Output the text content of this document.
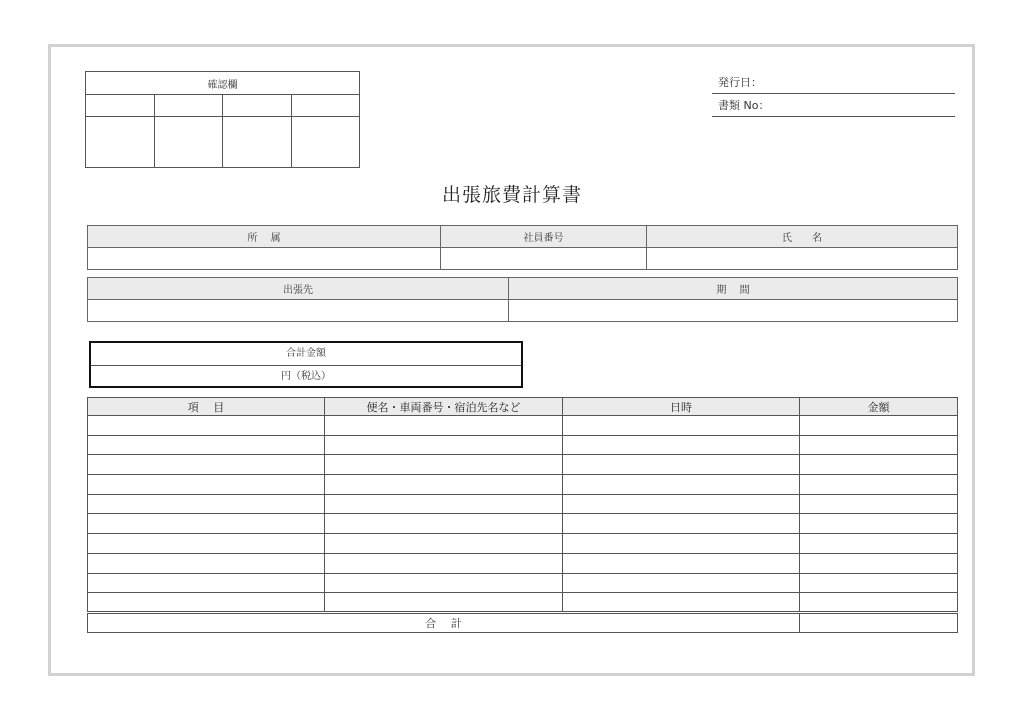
確認欄			

				発行日：
書類 No：
出張旅費計算書
所　 属	社員番号	氏　　名

出張先	期　 間

合計金額
円（税込）
項　 目	便名・車両番号・宿泊先名など	日時	金額

合　 計			
